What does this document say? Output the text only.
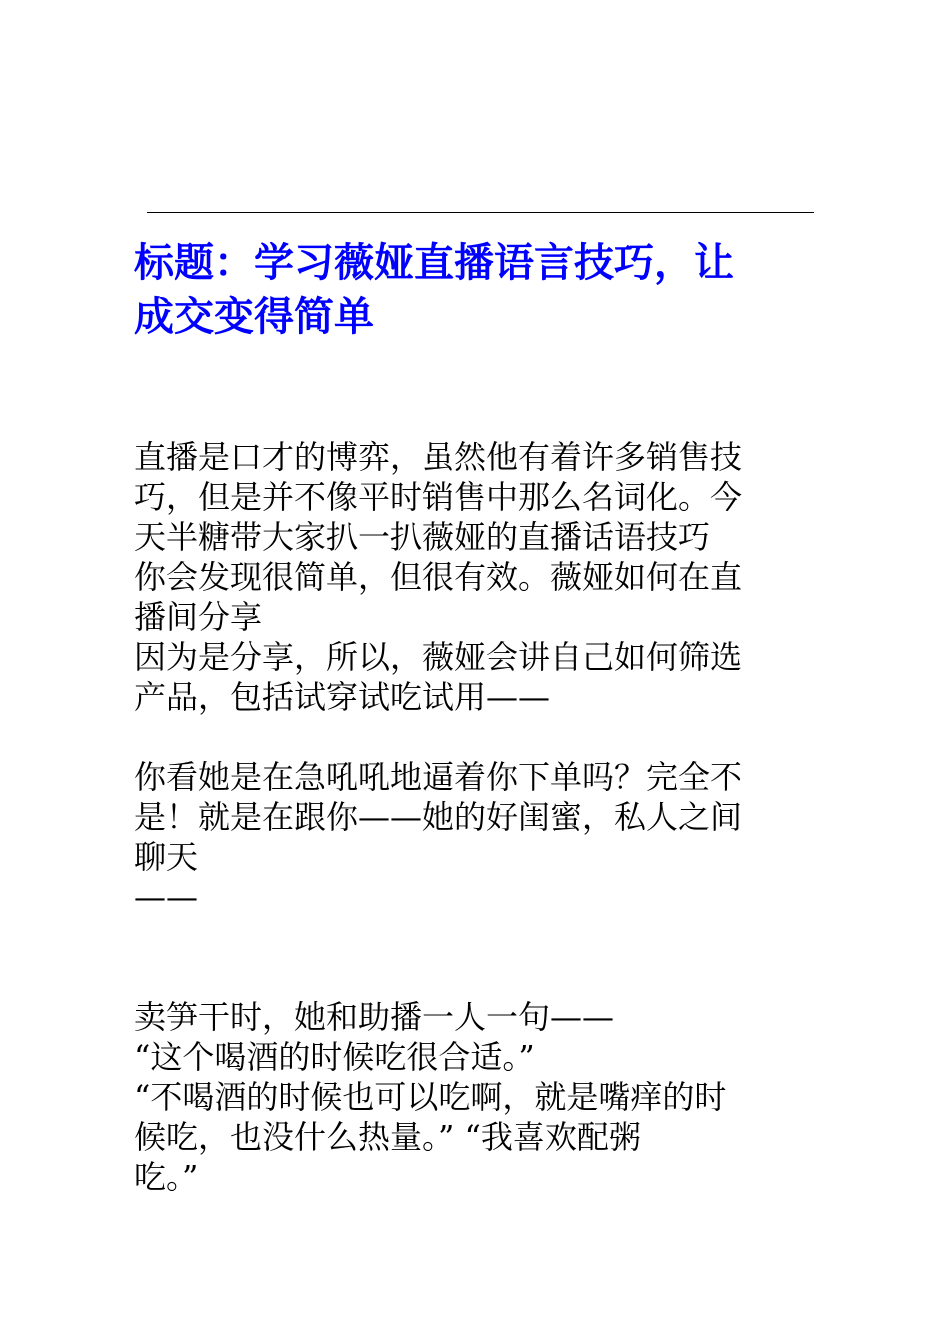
标题：学习薇娅直播语言技巧，让
成交变得简单
直播是口才的博弈，虽然他有着许多销售技
巧，但是并不像平时销售中那么名词化。今
天半糖带大家扒一扒薇娅的直播话语技巧
你会发现很简单，但很有效。薇娅如何在直
播间分享
因为是分享，所以，薇娅会讲自己如何筛选
产品，包括试穿试吃试用——
你看她是在急吼吼地逼着你下单吗？完全不
是！就是在跟你——她的好闺蜜，私人之间
聊天
——
卖笋干时，她和助播一人一句——
“这个喝酒的时候吃很合适。”
“不喝酒的时候也可以吃啊，就是嘴痒的时
候吃，也没什么热量。” “我喜欢配粥
吃。”
